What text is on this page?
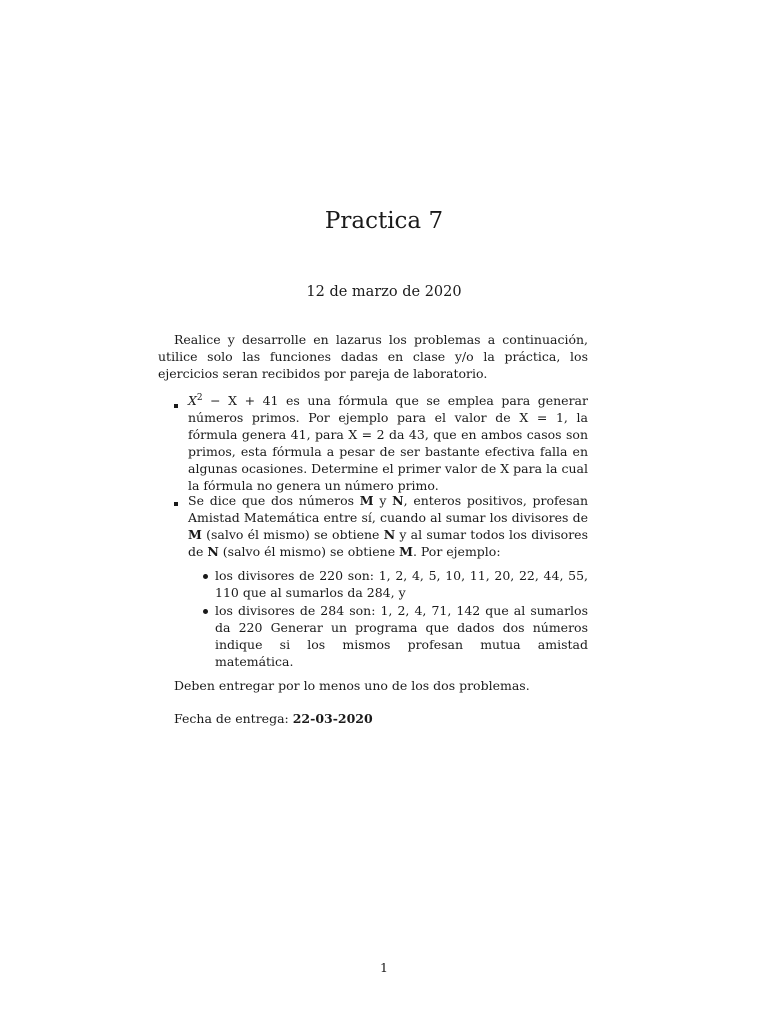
Practica 7
12 de marzo de 2020

Realice y desarrolle en lazarus los problemas a continuación, utilice solo las funciones dadas en clase y/o la práctica, los ejercicios seran recibidos por pareja de laboratorio.

$X^2 - X + 41$ es una fórmula que se emplea para generar números primos. Por ejemplo para el valor de X = 1, la fórmula genera 41, para X = 2 da 43, que en ambos casos son primos, esta fórmula a pesar de ser bastante efectiva falla en algunas ocasiones. Determine el primer valor de X para la cual la fórmula no genera un número primo.

Se dice que dos números M y N, enteros positivos, profesan Amistad Matemática entre sí, cuando al sumar los divisores de M (salvo él mismo) se obtiene N y al sumar todos los divisores de N (salvo él mismo) se obtiene M. Por ejemplo:

los divisores de 220 son: 1, 2, 4, 5, 10, 11, 20, 22, 44, 55, 110 que al sumarlos da 284, y

los divisores de 284 son: 1, 2, 4, 71, 142 que al sumarlos da 220 Generar un programa que dados dos números indique si los mismos profesan mutua amistad matemática.

Deben entregar por lo menos uno de los dos problemas.

Fecha de entrega: 22-03-2020

1
